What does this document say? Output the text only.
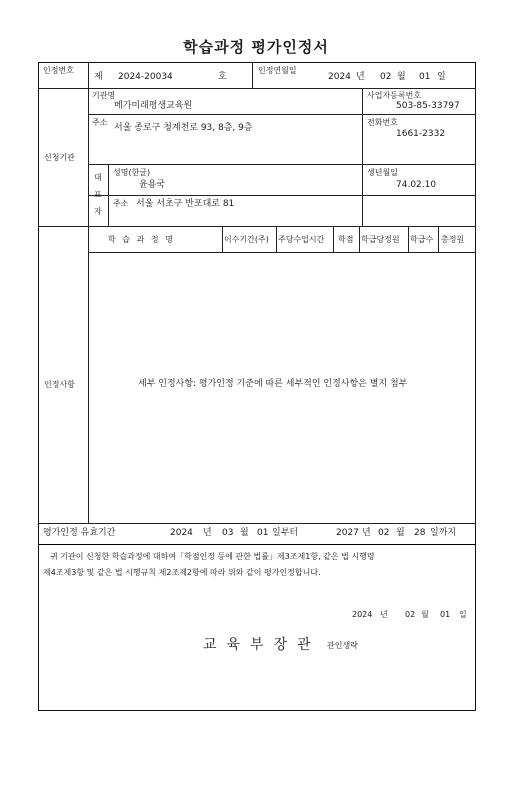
학습과정 평가인정서
인정번호
제 2024-20034	호
인정연월일
2024 년 02 월 01 일
신청기관
기관명
메가미래평생교육원
사업자등록번호
503-85-33797
주소
서울 종로구 청계천로 93, 8층, 9층
전화번호
1661-2332
대
표
자
성명(한글)
윤용국
생년월일
74.02.10
주소 서울 서초구 반포대로 81
인정사항
학 습 과 정 명	이수기간(주) 주당수업시간 학점 학급당정원 학급수 총정원
세부 인정사항: 평가인정 기준에 따른 세부적인 인정사항은 별지 첨부
평가인정 유효기간	2024 년 03 월 01 일부터	2027 년 02 월 28 일까지
귀 기관이 신청한 학습과정에 대하여「학점인정 등에 관한 법률」제3조제1항, 같은 법 시행령
제4조제3항 및 같은 법 시행규칙 제2조제2항에 따라 위와 같이 평가인정합니다.
2024 년 02 월 01 일
교육부장관 관인생략
